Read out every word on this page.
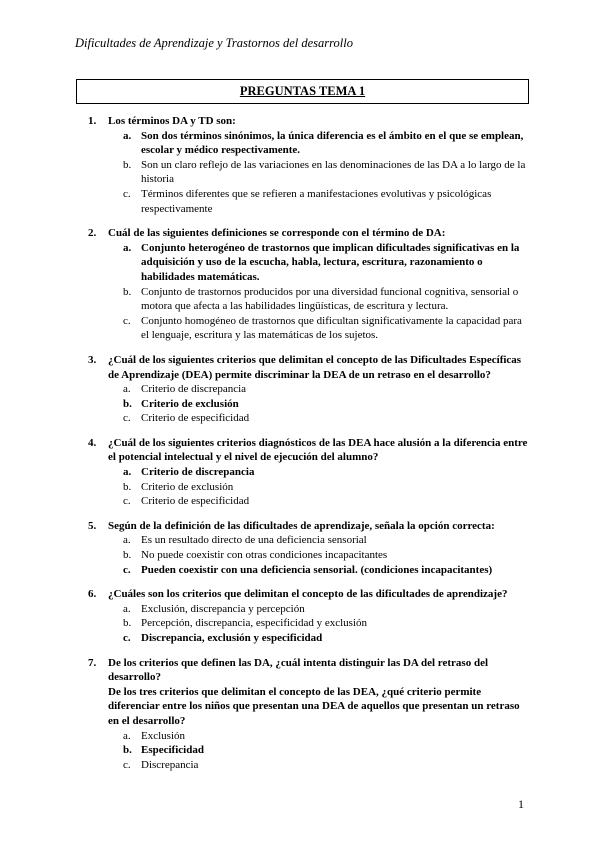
Dificultades de Aprendizaje y Trastornos del desarrollo
PREGUNTAS TEMA 1
1.	Los términos DA y TD son:
a. Son dos términos sinónimos, la única diferencia es el ámbito en el que se emplean, escolar y médico respectivamente.
b. Son un claro reflejo de las variaciones en las denominaciones de las DA a lo largo de la historia
c. Términos diferentes que se refieren a manifestaciones evolutivas y psicológicas respectivamente
2.	Cuál de las siguientes definiciones se corresponde con el término de DA:
a. Conjunto heterogéneo de trastornos que implican dificultades significativas en la adquisición y uso de la escucha, habla, lectura, escritura, razonamiento o habilidades matemáticas.
b. Conjunto de trastornos producidos por una diversidad funcional cognitiva, sensorial o motora que afecta a las habilidades lingüísticas, de escritura y lectura.
c. Conjunto homogéneo de trastornos que dificultan significativamente la capacidad para el lenguaje, escritura y las matemáticas de los sujetos.
3.	¿Cuál de los siguientes criterios que delimitan el concepto de las Dificultades Específicas de Aprendizaje (DEA) permite discriminar la DEA de un retraso en el desarrollo?
a. Criterio de discrepancia
b. Criterio de exclusión
c. Criterio de especificidad
4.	¿Cuál de los siguientes criterios diagnósticos de las DEA hace alusión a la diferencia entre el potencial intelectual y el nivel de ejecución del alumno?
a. Criterio de discrepancia
b. Criterio de exclusión
c. Criterio de especificidad
5.	Según de la definición de las dificultades de aprendizaje, señala la opción correcta:
a. Es un resultado directo de una deficiencia sensorial
b. No puede coexistir con otras condiciones incapacitantes
c. Pueden coexistir con una deficiencia sensorial. (condiciones incapacitantes)
6.	¿Cuáles son los criterios que delimitan el concepto de las dificultades de aprendizaje?
a. Exclusión, discrepancia y percepción
b. Percepción, discrepancia, especificidad y exclusión
c. Discrepancia, exclusión y especificidad
7.	De los criterios que definen las DA, ¿cuál intenta distinguir las DA del retraso del desarrollo?
De los tres criterios que delimitan el concepto de las DEA, ¿qué criterio permite diferenciar entre los niños que presentan una DEA de aquellos que presentan un retraso en el desarrollo?
a. Exclusión
b. Especificidad
c. Discrepancia
1
